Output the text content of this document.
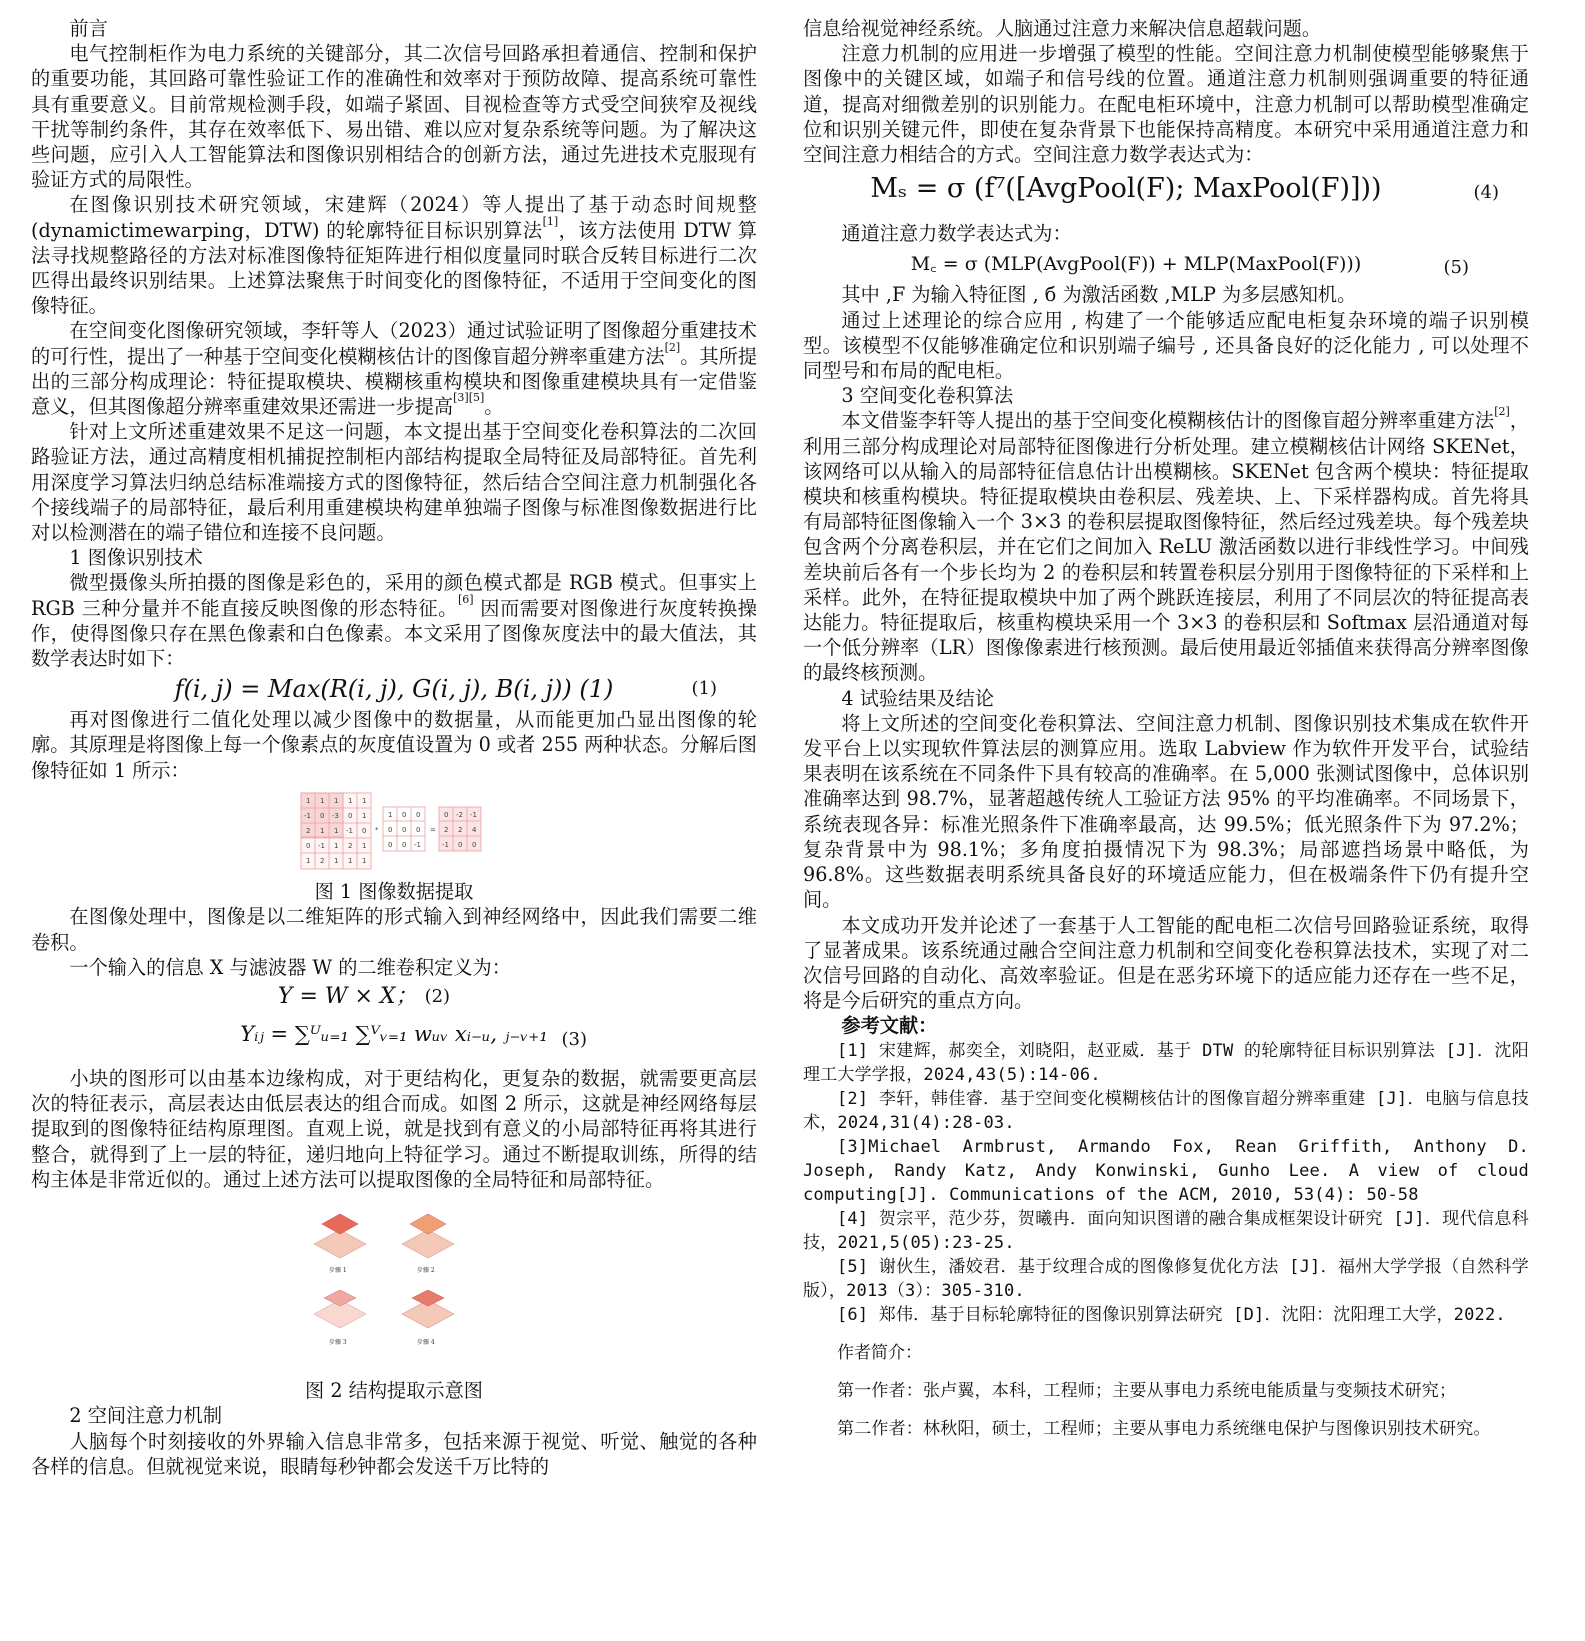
前言

电气控制柜作为电力系统的关键部分，其二次信号回路承担着通信、控制和保护的重要功能，其回路可靠性验证工作的准确性和效率对于预防故障、提高系统可靠性具有重要意义。目前常规检测手段，如端子紧固、目视检查等方式受空间狭窄及视线干扰等制约条件，其存在效率低下、易出错、难以应对复杂系统等问题。为了解决这些问题，应引入人工智能算法和图像识别相结合的创新方法，通过先进技术克服现有验证方式的局限性。

在图像识别技术研究领域，宋建辉（2024）等人提出了基于动态时间规整 (dynamictimewarping，DTW) 的轮廓特征目标识别算法[1]，该方法使用 DTW 算法寻找规整路径的方法对标准图像特征矩阵进行相似度量同时联合反转目标进行二次匹得出最终识别结果。上述算法聚焦于时间变化的图像特征，不适用于空间变化的图像特征。

在空间变化图像研究领域，李轩等人（2023）通过试验证明了图像超分重建技术的可行性，提出了一种基于空间变化模糊核估计的图像盲超分辨率重建方法[2]。其所提出的三部分构成理论：特征提取模块、模糊核重构模块和图像重建模块具有一定借鉴意义，但其图像超分辨率重建效果还需进一步提高[3][5]。

针对上文所述重建效果不足这一问题，本文提出基于空间变化卷积算法的二次回路验证方法，通过高精度相机捕捉控制柜内部结构提取全局特征及局部特征。首先利用深度学习算法归纳总结标准端接方式的图像特征，然后结合空间注意力机制强化各个接线端子的局部特征，最后利用重建模块构建单独端子图像与标准图像数据进行比对以检测潜在的端子错位和连接不良问题。

1 图像识别技术

微型摄像头所拍摄的图像是彩色的，采用的颜色模式都是 RGB 模式。但事实上 RGB 三种分量并不能直接反映图像的形态特征。[6] 因而需要对图像进行灰度转换操作，使得图像只存在黑色像素和白色像素。本文采用了图像灰度法中的最大值法，其数学表达时如下：

f(i, j) = Max(R(i, j), G(i, j), B(i, j)) (1)	(1)

再对图像进行二值化处理以减少图像中的数据量，从而能更加凸显出图像的轮廓。其原理是将图像上每一个像素点的灰度值设置为 0 或者 255 两种状态。分解后图像特征如 1 所示：

1 1 1 1 1
-1 0 -3 0 1
2 1 1 -1 0
0 -1 1 2 1
1 2 1 1 1
*
1 0 0
0 0 0
0 0 -1
=
0 -2 -1
2 2 4
-1 0 0
图 1 图像数据提取

在图像处理中，图像是以二维矩阵的形式输入到神经网络中，因此我们需要二维卷积。

一个输入的信息 X 与滤波器 W 的二维卷积定义为：

Y = W × X； $^{(2)}$
Yᵢⱼ = ∑ᵁᵤ₌₁ ∑ⱽᵥ₌₁ wᵤᵥ xᵢ₋ᵤ, ⱼ₋ᵥ₊₁ (3)

小块的图形可以由基本边缘构成，对于更结构化，更复杂的数据，就需要更高层次的特征表示，高层表达由低层表达的组合而成。如图 2 所示，这就是神经网络每层提取到的图像特征结构原理图。直观上说，就是找到有意义的小局部特征再将其进行整合，就得到了上一层的特征，递归地向上特征学习。通过不断提取训练，所得的结构主体是非常近似的。通过上述方法可以提取图像的全局特征和局部特征。

步骤 1	步骤 2
步骤 3	步骤 4
图 2 结构提取示意图
2 空间注意力机制

人脑每个时刻接收的外界输入信息非常多，包括来源于视觉、听觉、触觉的各种各样的信息。但就视觉来说，眼睛每秒钟都会发送千万比特的

信息给视觉神经系统。人脑通过注意力来解决信息超载问题。

注意力机制的应用进一步增强了模型的性能。空间注意力机制使模型能够聚焦于图像中的关键区域，如端子和信号线的位置。通道注意力机制则强调重要的特征通道，提高对细微差别的识别能力。在配电柜环境中，注意力机制可以帮助模型准确定位和识别关键元件，即使在复杂背景下也能保持高精度。本研究中采用通道注意力和空间注意力相结合的方式。空间注意力数学表达式为：

Mₛ = σ (f⁷([AvgPool(F); MaxPool(F)]))	(4)

通道注意力数学表达式为：

M꜀ = σ (MLP(AvgPool(F)) + MLP(MaxPool(F)))	(5)

其中 ,F 为输入特征图 , б 为激活函数 ,MLP 为多层感知机。

通过上述理论的综合应用 , 构建了一个能够适应配电柜复杂环境的端子识别模型。该模型不仅能够准确定位和识别端子编号 , 还具备良好的泛化能力 , 可以处理不同型号和布局的配电柜。

3 空间变化卷积算法

本文借鉴李轩等人提出的基于空间变化模糊核估计的图像盲超分辨率重建方法[2]，利用三部分构成理论对局部特征图像进行分析处理。建立模糊核估计网络 SKENet，该网络可以从输入的局部特征信息估计出模糊核。SKENet 包含两个模块：特征提取模块和核重构模块。特征提取模块由卷积层、残差块、上、下采样器构成。首先将具有局部特征图像输入一个 3×3 的卷积层提取图像特征，然后经过残差块。每个残差块包含两个分离卷积层，并在它们之间加入 ReLU 激活函数以进行非线性学习。中间残差块前后各有一个步长均为 2 的卷积层和转置卷积层分别用于图像特征的下采样和上采样。此外，在特征提取模块中加了两个跳跃连接层，利用了不同层次的特征提高表达能力。特征提取后，核重构模块采用一个 3×3 的卷积层和 Softmax 层沿通道对每一个低分辨率（LR）图像像素进行核预测。最后使用最近邻插值来获得高分辨率图像的最终核预测。

4 试验结果及结论

将上文所述的空间变化卷积算法、空间注意力机制、图像识别技术集成在软件开发平台上以实现软件算法层的测算应用。选取 Labview 作为软件开发平台，试验结果表明在该系统在不同条件下具有较高的准确率。在 5,000 张测试图像中，总体识别准确率达到 98.7%，显著超越传统人工验证方法 95% 的平均准确率。不同场景下，系统表现各异：标准光照条件下准确率最高，达 99.5%；低光照条件下为 97.2%；复杂背景中为 98.1%；多角度拍摄情况下为 98.3%；局部遮挡场景中略低，为 96.8%。这些数据表明系统具备良好的环境适应能力，但在极端条件下仍有提升空间。

本文成功开发并论述了一套基于人工智能的配电柜二次信号回路验证系统，取得了显著成果。该系统通过融合空间注意力机制和空间变化卷积算法技术，实现了对二次信号回路的自动化、高效率验证。但是在恶劣环境下的适应能力还存在一些不足，将是今后研究的重点方向。

参考文献：

[1] 宋建辉，郝奕全，刘晓阳，赵亚威．基于 DTW 的轮廓特征目标识别算法 [J]．沈阳理工大学学报，2024,43(5):14-06.

[2] 李轩，韩佳睿．基于空间变化模糊核估计的图像盲超分辨率重建 [J]．电脑与信息技术，2024,31(4):28-03.

[3]Michael Armbrust, Armando Fox, Rean Griffith, Anthony D. Joseph, Randy Katz, Andy Konwinski, Gunho Lee. A view of cloud computing[J]. Communications of the ACM, 2010, 53(4): 50-58

[4] 贺宗平，范少芬，贺曦冉．面向知识图谱的融合集成框架设计研究 [J]．现代信息科技，2021,5(05):23-25.

[5] 谢伙生，潘姣君．基于纹理合成的图像修复优化方法 [J]．福州大学学报（自然科学版），2013（3）：305-310.

[6] 郑伟．基于目标轮廓特征的图像识别算法研究 [D]．沈阳：沈阳理工大学，2022.

作者简介：

第一作者：张卢翼，本科，工程师；主要从事电力系统电能质量与变频技术研究；

第二作者：林秋阳，硕士，工程师；主要从事电力系统继电保护与图像识别技术研究。
